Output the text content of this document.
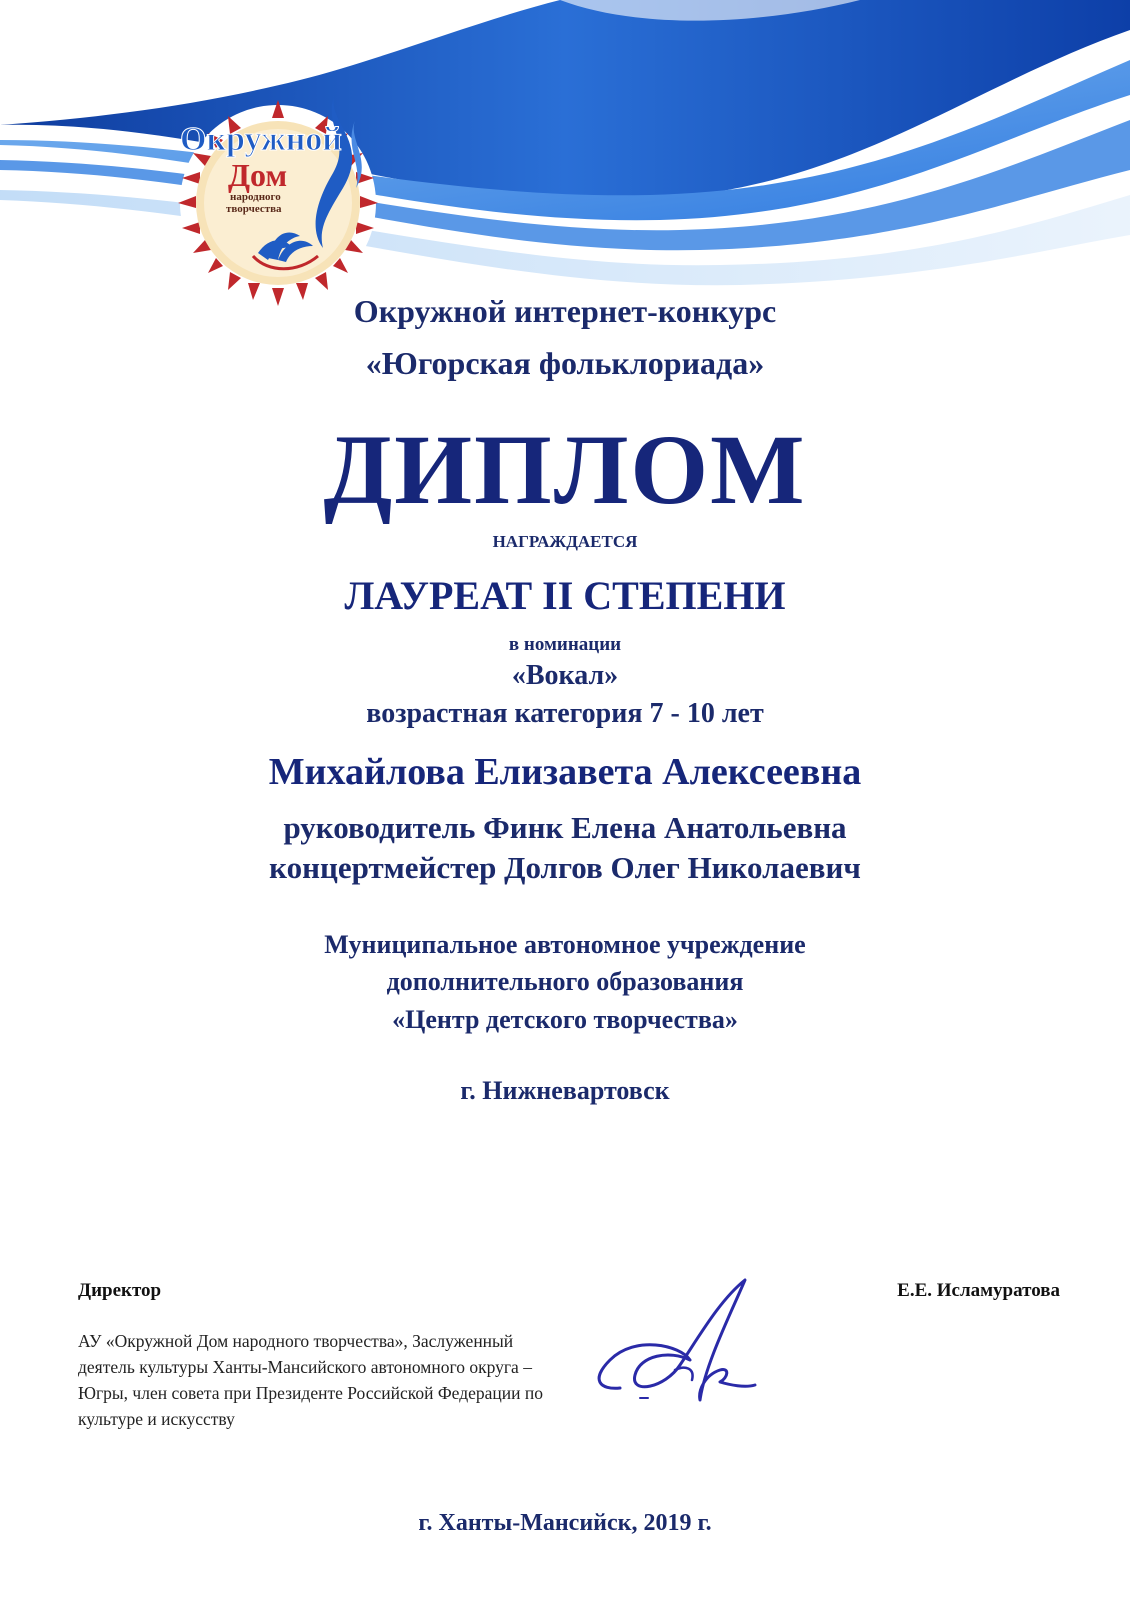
Окружной
Дом
народного
творчества
Окружной интернет-конкурс
«Югорская фольклориада»
ДИПЛОМ
НАГРАЖДАЕТСЯ
ЛАУРЕАТ II СТЕПЕНИ
в номинации
«Вокал»
возрастная категория 7 - 10 лет
Михайлова Елизавета Алексеевна
руководитель Финк Елена Анатольевна
концертмейстер Долгов Олег Николаевич
Муниципальное автономное учреждение
дополнительного образования
«Центр детского творчества»
г. Нижневартовск
Директор
АУ «Окружной Дом народного творчества», Заслуженный деятель культуры Ханты-Мансийского автономного округа – Югры, член совета при Президенте Российской Федерации по культуре и искусству
Е.Е. Исламуратова
г. Ханты-Мансийск, 2019 г.
